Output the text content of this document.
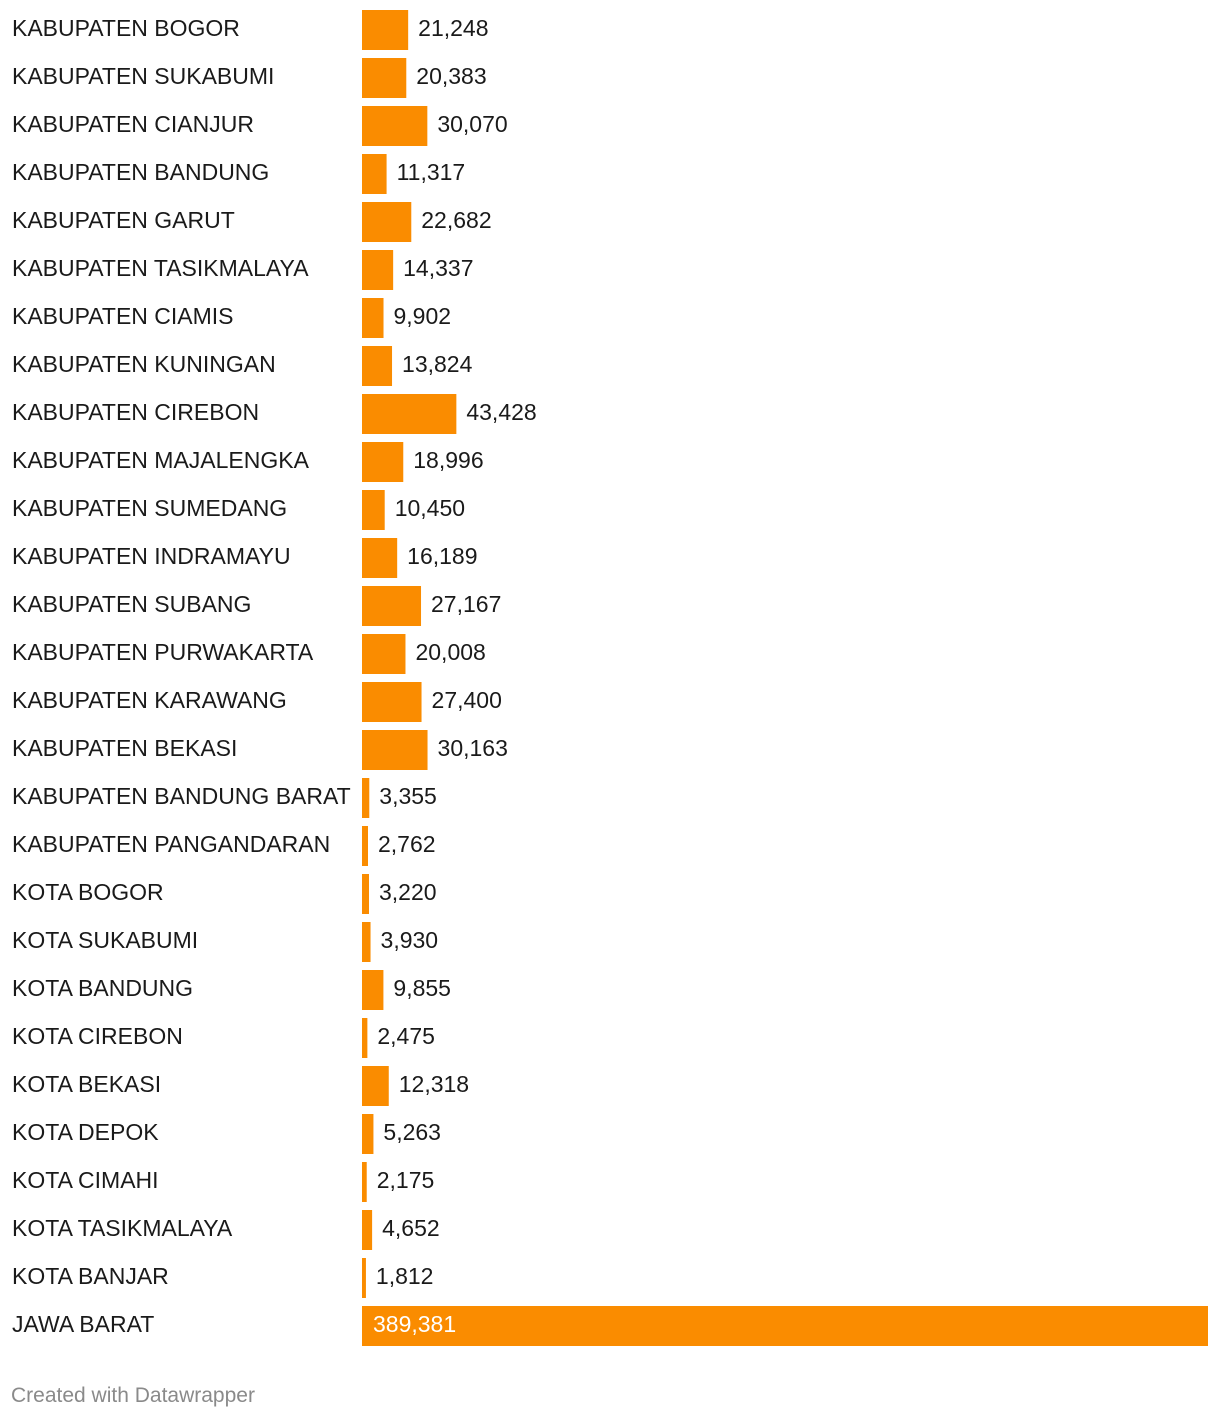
KABUPATEN BOGOR	21,248
KABUPATEN SUKABUMI	20,383
KABUPATEN CIANJUR	30,070
KABUPATEN BANDUNG	11,317
KABUPATEN GARUT	22,682
KABUPATEN TASIKMALAYA	14,337
KABUPATEN CIAMIS	9,902
KABUPATEN KUNINGAN	13,824
KABUPATEN CIREBON	43,428
KABUPATEN MAJALENGKA	18,996
KABUPATEN SUMEDANG	10,450
KABUPATEN INDRAMAYU	16,189
KABUPATEN SUBANG	27,167
KABUPATEN PURWAKARTA	20,008
KABUPATEN KARAWANG	27,400
KABUPATEN BEKASI	30,163
KABUPATEN BANDUNG BARAT 3,355
KABUPATEN PANGANDARAN 2,762
KOTA BOGOR	3,220
KOTA SUKABUMI	3,930
KOTA BANDUNG	9,855
KOTA CIREBON	2,475
KOTA BEKASI	12,318
KOTA DEPOK	5,263
KOTA CIMAHI	2,175
KOTA TASIKMALAYA	4,652
KOTA BANJAR	1,812
JAWA BARAT	389,381
Created with Datawrapper
